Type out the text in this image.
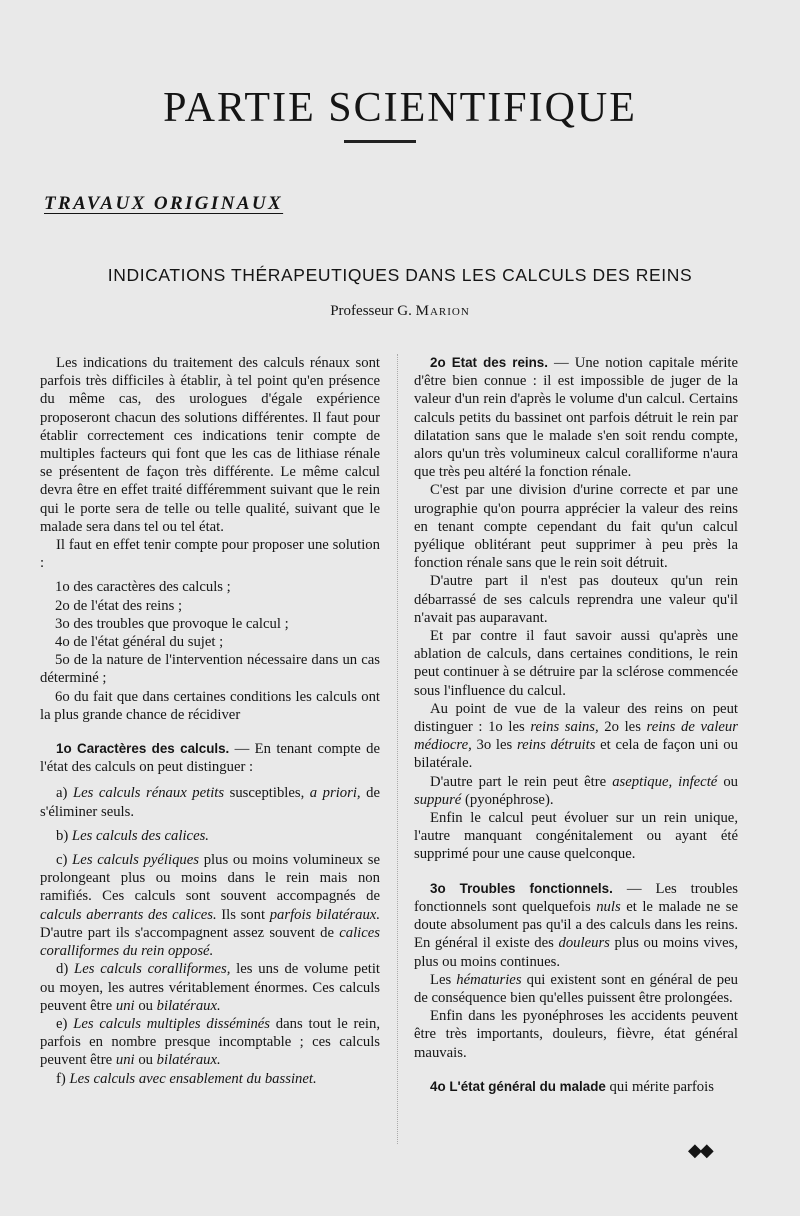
PARTIE SCIENTIFIQUE
TRAVAUX ORIGINAUX
INDICATIONS THÉRAPEUTIQUES DANS LES CALCULS DES REINS
Professeur G. Marion

Les indications du traitement des calculs rénaux sont parfois très difficiles à établir, à tel point qu'en présence du même cas, des urologues d'égale expérience proposeront chacun des solutions différentes. Il faut pour établir correctement ces indications tenir compte de multiples facteurs qui font que les cas de lithiase rénale se présentent de façon très différente. Le même calcul devra être en effet traité différemment suivant que le rein qui le porte sera de telle ou telle qualité, suivant que le malade sera dans tel ou tel état.

Il faut en effet tenir compte pour proposer une solution :

1o des caractères des calculs ;

2o de l'état des reins ;

3o des troubles que provoque le calcul ;

4o de l'état général du sujet ;

5o de la nature de l'intervention nécessaire dans un cas déterminé ;

6o du fait que dans certaines conditions les calculs ont la plus grande chance de récidiver

1o Caractères des calculs. — En tenant compte de l'état des calculs on peut distinguer :

a) Les calculs rénaux petits susceptibles, a priori, de s'éliminer seuls.

b) Les calculs des calices.

c) Les calculs pyéliques plus ou moins volumineux se prolongeant plus ou moins dans le rein mais non ramifiés. Ces calculs sont souvent accompagnés de calculs aberrants des calices. Ils sont parfois bilatéraux. D'autre part ils s'accompagnent assez souvent de calices coralliformes du rein opposé.

d) Les calculs coralliformes, les uns de volume petit ou moyen, les autres véritablement énormes. Ces calculs peuvent être uni ou bilatéraux.

e) Les calculs multiples disséminés dans tout le rein, parfois en nombre presque incomptable ; ces calculs peuvent être uni ou bilatéraux.

f) Les calculs avec ensablement du bassinet.

2o Etat des reins. — Une notion capitale mérite d'être bien connue : il est impossible de juger de la valeur d'un rein d'après le volume d'un calcul. Certains calculs petits du bassinet ont parfois détruit le rein par dilatation sans que le malade s'en soit rendu compte, alors qu'un très volumineux calcul coralliforme n'aura que très peu altéré la fonction rénale.

C'est par une division d'urine correcte et par une urographie qu'on pourra apprécier la valeur des reins en tenant compte cependant du fait qu'un calcul pyélique oblitérant peut supprimer à peu près la fonction rénale sans que le rein soit détruit.

D'autre part il n'est pas douteux qu'un rein débarrassé de ses calculs reprendra une valeur qu'il n'avait pas auparavant.

Et par contre il faut savoir aussi qu'après une ablation de calculs, dans certaines conditions, le rein peut continuer à se détruire par la sclérose commencée sous l'influence du calcul.

Au point de vue de la valeur des reins on peut distinguer : 1o les reins sains, 2o les reins de valeur médiocre, 3o les reins détruits et cela de façon uni ou bilatérale.

D'autre part le rein peut être aseptique, infecté ou suppuré (pyonéphrose).

Enfin le calcul peut évoluer sur un rein unique, l'autre manquant congénitalement ou ayant été supprimé pour une cause quelconque.

3o Troubles fonctionnels. — Les troubles fonctionnels sont quelquefois nuls et le malade ne se doute absolument pas qu'il a des calculs dans les reins. En général il existe des douleurs plus ou moins vives, plus ou moins continues.

Les hématuries qui existent sont en général de peu de conséquence bien qu'elles puissent être prolongées.

Enfin dans les pyonéphroses les accidents peuvent être très importants, douleurs, fièvre, état général mauvais.

4o L'état général du malade qui mérite parfois

◆◆
